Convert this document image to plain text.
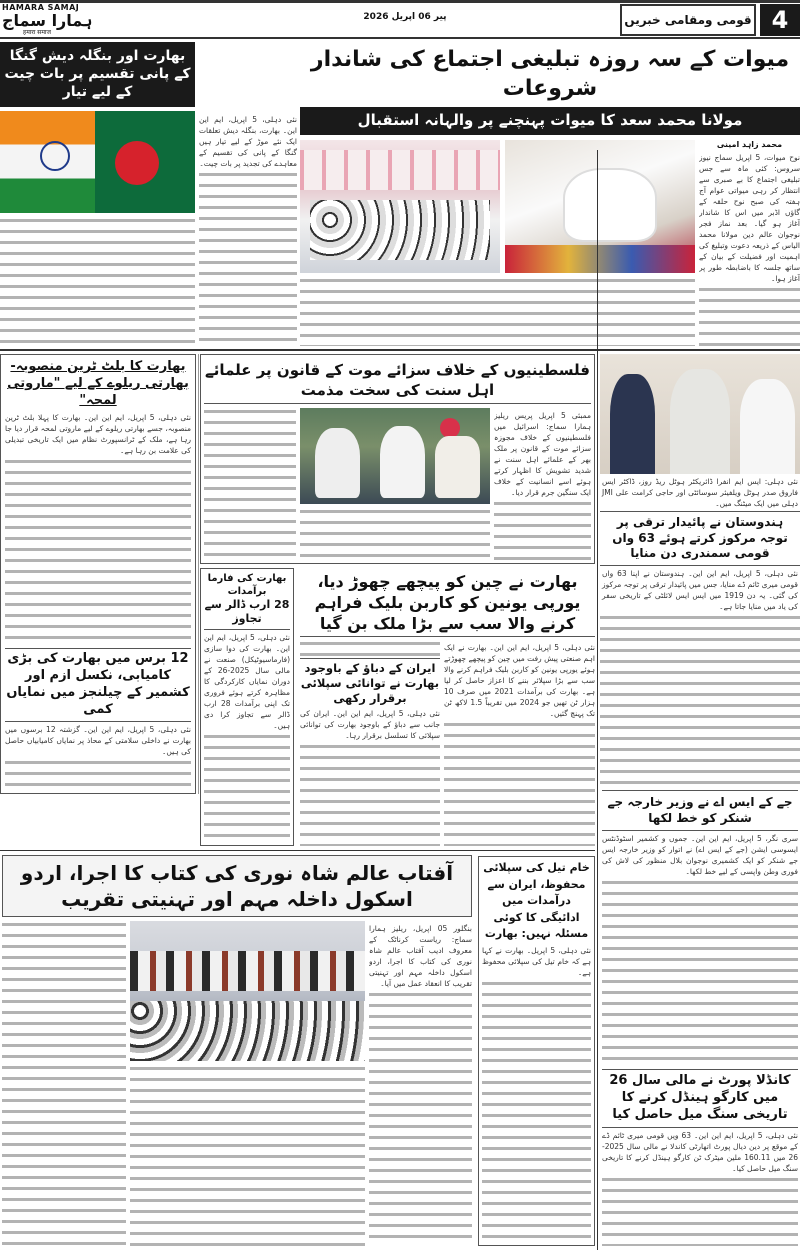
HAMARA SAMAJ
ہمارا سماج
हमारा समाज
پیر 06 اپریل 2026	قومی ومقامی خبریں 4
میوات کے سہ روزہ تبلیغی اجتماع کی شاندار شروعات
مولانا محمد سعد کا میوات پہنچنے پر والہانہ استقبال
محمد زاہد امینی
نوح میوات، 5 اپریل سماج نیوز سروس: کئی ماہ سے جس تبلیغی اجتماع کا بے صبری سے انتظار کر رہی میواتی عوام آج ہفتہ کی صبح نوح حلقہ کے گاؤں اڈبر میں اس کا شاندار آغاز ہو گیا۔ بعد نماز فجر نوجوان عالم دین مولانا محمد الیاس کے ذریعہ دعوت وتبلیغ کی اہمیت اور فضیلت کے بیان کے ساتھ جلسہ کا باضابطہ طور پر آغاز ہوا۔
بھارت اور بنگلہ دیش گنگا کے پانی تقسیم پر بات چیت کے لیے تیار
نئی دہلی، 5 اپریل، ایم این این۔ بھارت، بنگلہ دیش تعلقات ایک نئے موڑ کے لیے تیار ہیں گنگا کے پانی کی تقسیم کے معاہدے کی تجدید پر بات چیت۔
بھارت کا بلٹ ٹرین منصوبہ- بھارتی ریلوے کے لیے "ماروتی لمحہ"
نئی دہلی، 5 اپریل، ایم این این۔ بھارت کا پہلا بلٹ ٹرین منصوبہ، جسے بھارتی ریلوے کے لیے ماروتی لمحہ قرار دیا جا رہا ہے، ملک کے ٹرانسپورٹ نظام میں ایک تاریخی تبدیلی کی علامت بن رہا ہے۔
12 برس میں بھارت کی بڑی کامیابی، نکسل ازم اور کشمیر کے چیلنجز میں نمایاں کمی
نئی دہلی، 5 اپریل، ایم این این۔ گزشتہ 12 برسوں میں بھارت نے داخلی سلامتی کے محاذ پر نمایاں کامیابیاں حاصل کی ہیں۔
فلسطینیوں کے خلاف سزائے موت کے قانون پر علمائے اہل سنت کی سخت مذمت
ممبئی 5 اپریل پریس ریلیز ہمارا سماج: اسرائیل میں فلسطینیوں کے خلاف مجوزہ سزائے موت کے قانون پر ملک بھر کے علمائے اہل سنت نے شدید تشویش کا اظہار کرتے ہوئے اسے انسانیت کے خلاف ایک سنگین جرم قرار دیا۔
نئی دہلی: ایس ایم انفرا ڈائریکٹر ہوٹل ریڈ روز، ڈاکٹر ایس فاروق صدر ہوٹل ویلفیئر سوسائٹی اور حاجی کرامت علی JMI دہلی میں ایک میٹنگ میں۔
ہندوستان نے پائیدار ترقی پر توجہ مرکوز کرتے ہوئے 63 واں قومی سمندری دن منایا
نئی دہلی، 5 اپریل، ایم این این۔ ہندوستان نے اپنا 63 واں قومی میری ٹائم ڈے منایا، جس میں پائیدار ترقی پر توجہ مرکوز کی گئی۔ یہ دن 1919 میں ایس ایس لائلٹی کے تاریخی سفر کی یاد میں منایا جاتا ہے۔
بھارت کی فارما برآمدات
28 ارب ڈالر سے تجاوز
نئی دہلی، 5 اپریل، ایم این این۔ بھارت کی دوا سازی (فارماسیوٹیکل) صنعت نے مالی سال 2025-26 کے دوران نمایاں کارکردگی کا مظاہرہ کرتے ہوئے فروری تک اپنی برآمدات 28 ارب ڈالر سے تجاوز کرا دی ہیں۔
بھارت نے چین کو پیچھے چھوڑ دیا، یورپی یونین کو کاربن بلیک فراہم کرنے والا سب سے بڑا ملک بن گیا
ایران کے دباؤ کے باوجود بھارت نے توانائی سپلائی برقرار رکھی
نئی دہلی، 5 اپریل، ایم این این۔ ایران کی جانب سے دباؤ کے باوجود بھارت کی توانائی سپلائی کا تسلسل برقرار رہا۔
نئی دہلی، 5 اپریل، ایم این این۔ بھارت نے ایک اہم صنعتی پیش رفت میں چین کو پیچھے چھوڑتے ہوئے یورپی یونین کو کاربن بلیک فراہم کرنے والا سب سے بڑا سپلائر بننے کا اعزاز حاصل کر لیا ہے۔ بھارت کی برآمدات 2021 میں صرف 10 ہزار ٹن تھیں جو 2024 میں تقریباً 1.5 لاکھ ٹن تک پہنچ گئیں۔
جے کے ایس اے نے وزیر خارجہ جے شنکر کو خط لکھا
سری نگر، 5 اپریل، ایم این این۔ جموں و کشمیر اسٹوڈنٹس ایسوسی ایشن (جے کے ایس اے) نے اتوار کو وزیر خارجہ ایس جے شنکر کو ایک کشمیری نوجوان بلال منظور کی لاش کی فوری وطن واپسی کے لیے خط لکھا۔
کانڈلا پورٹ نے مالی سال 26 میں کارگو ہینڈل کرنے کا تاریخی سنگ میل حاصل کیا
نئی دہلی، 5 اپریل، ایم این این۔ 63 ویں قومی میری ٹائم ڈے کے موقع پر دین دیال پورٹ اتھارٹی کاندلا نے مالی سال 2025-26 میں 160.11 ملین میٹرک ٹن کارگو ہینڈل کرنے کا تاریخی سنگ میل حاصل کیا۔
آفتاب عالم شاہ نوری کی کتاب کا اجرا، اردو اسکول داخلہ مہم اور تہنیتی تقریب
بنگلور 05 اپریل، ریلیز ہمارا سماج: ریاست کرناٹک کے معروف ادیب آفتاب عالم شاہ نوری کی کتاب کا اجرا، اردو اسکول داخلہ مہم اور تہنیتی تقریب کا انعقاد عمل میں آیا۔
خام تیل کی سپلائی محفوظ، ایران سے درآمدات میں ادائیگی کا کوئی مسئلہ نہیں: بھارت
نئی دہلی، 5 اپریل۔ بھارت نے کہا ہے کہ خام تیل کی سپلائی محفوظ ہے۔
